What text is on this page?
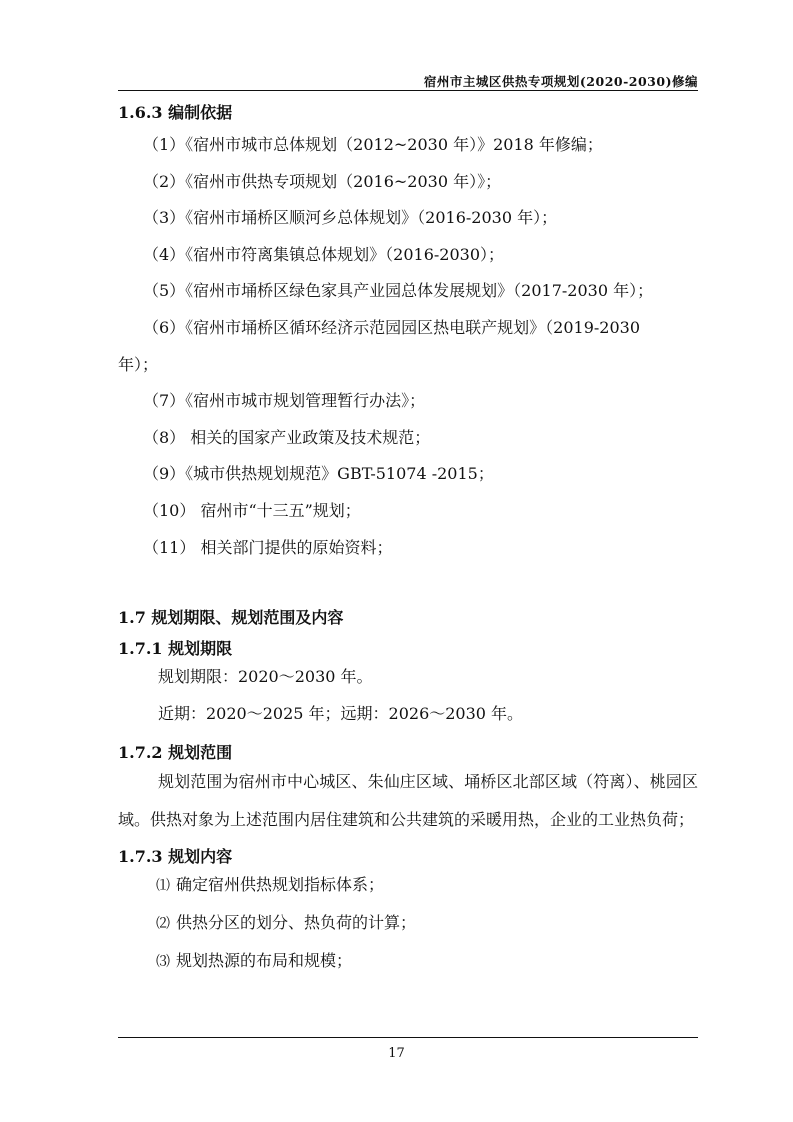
宿州市主城区供热专项规划(2020-2030)修编
1.6.3 编制依据
（1）《宿州市城市总体规划（2012~2030 年）》2018 年修编；
（2）《宿州市供热专项规划（2016~2030 年）》；
（3）《宿州市埇桥区顺河乡总体规划》（2016-2030 年）；
（4）《宿州市符离集镇总体规划》（2016-2030）；
（5）《宿州市埇桥区绿色家具产业园总体发展规划》（2017-2030 年）；
（6）《宿州市埇桥区循环经济示范园园区热电联产规划》（2019-2030
年）；
（7）《宿州市城市规划管理暂行办法》；
（8） 相关的国家产业政策及技术规范；
（9）《城市供热规划规范》GBT-51074 -2015；
（10） 宿州市“十三五”规划；
（11） 相关部门提供的原始资料；
1.7 规划期限、规划范围及内容
1.7.1 规划期限
规划期限：2020～2030 年。
近期：2020～2025 年；远期：2026～2030 年。
1.7.2 规划范围
规划范围为宿州市中心城区、朱仙庄区域、埇桥区北部区域（符离）、桃园区域。供热对象为上述范围内居住建筑和公共建筑的采暖用热，企业的工业热负荷；
1.7.3 规划内容
⑴ 确定宿州供热规划指标体系；
⑵ 供热分区的划分、热负荷的计算；
⑶ 规划热源的布局和规模；
17
